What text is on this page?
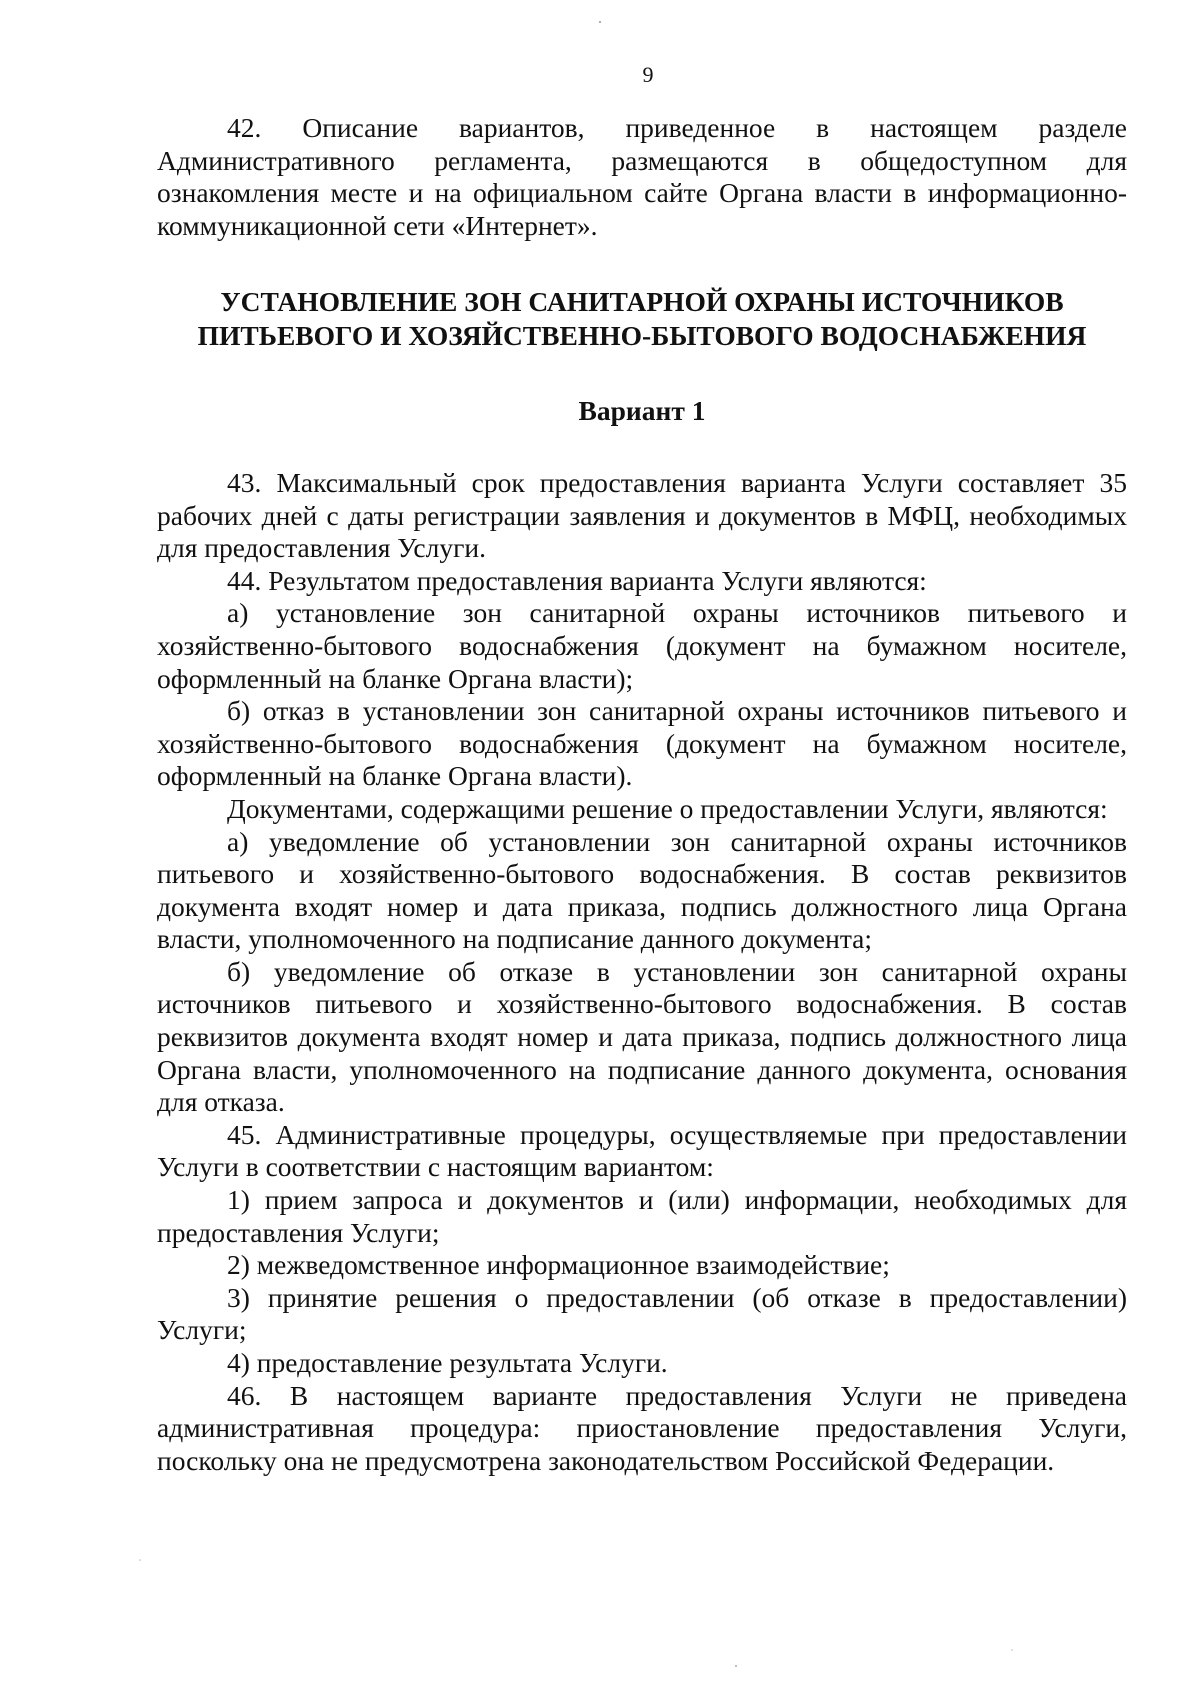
9

42. Описание вариантов, приведенное в настоящем разделе Административного регламента, размещаются в общедоступном для ознакомления месте и на официальном сайте Органа власти в информационно-коммуникационной сети «Интернет».

УСТАНОВЛЕНИЕ ЗОН САНИТАРНОЙ ОХРАНЫ ИСТОЧНИКОВ ПИТЬЕВОГО И ХОЗЯЙСТВЕННО-БЫТОВОГО ВОДОСНАБЖЕНИЯ

Вариант 1

43. Максимальный срок предоставления варианта Услуги составляет 35 рабочих дней с даты регистрации заявления и документов в МФЦ, необходимых для предоставления Услуги.

44. Результатом предоставления варианта Услуги являются:

а) установление зон санитарной охраны источников питьевого и хозяйственно-бытового водоснабжения (документ на бумажном носителе, оформленный на бланке Органа власти);

б) отказ в установлении зон санитарной охраны источников питьевого и хозяйственно-бытового водоснабжения (документ на бумажном носителе, оформленный на бланке Органа власти).

Документами, содержащими решение о предоставлении Услуги, являются:

а) уведомление об установлении зон санитарной охраны источников питьевого и хозяйственно-бытового водоснабжения. В состав реквизитов документа входят номер и дата приказа, подпись должностного лица Органа власти, уполномоченного на подписание данного документа;

б) уведомление об отказе в установлении зон санитарной охраны источников питьевого и хозяйственно-бытового водоснабжения. В состав реквизитов документа входят номер и дата приказа, подпись должностного лица Органа власти, уполномоченного на подписание данного документа, основания для отказа.

45. Административные процедуры, осуществляемые при предоставлении Услуги в соответствии с настоящим вариантом:

1) прием запроса и документов и (или) информации, необходимых для предоставления Услуги;

2) межведомственное информационное взаимодействие;

3) принятие решения о предоставлении (об отказе в предоставлении) Услуги;

4) предоставление результата Услуги.

46. В настоящем варианте предоставления Услуги не приведена административная процедура: приостановление предоставления Услуги, поскольку она не предусмотрена законодательством Российской Федерации.
